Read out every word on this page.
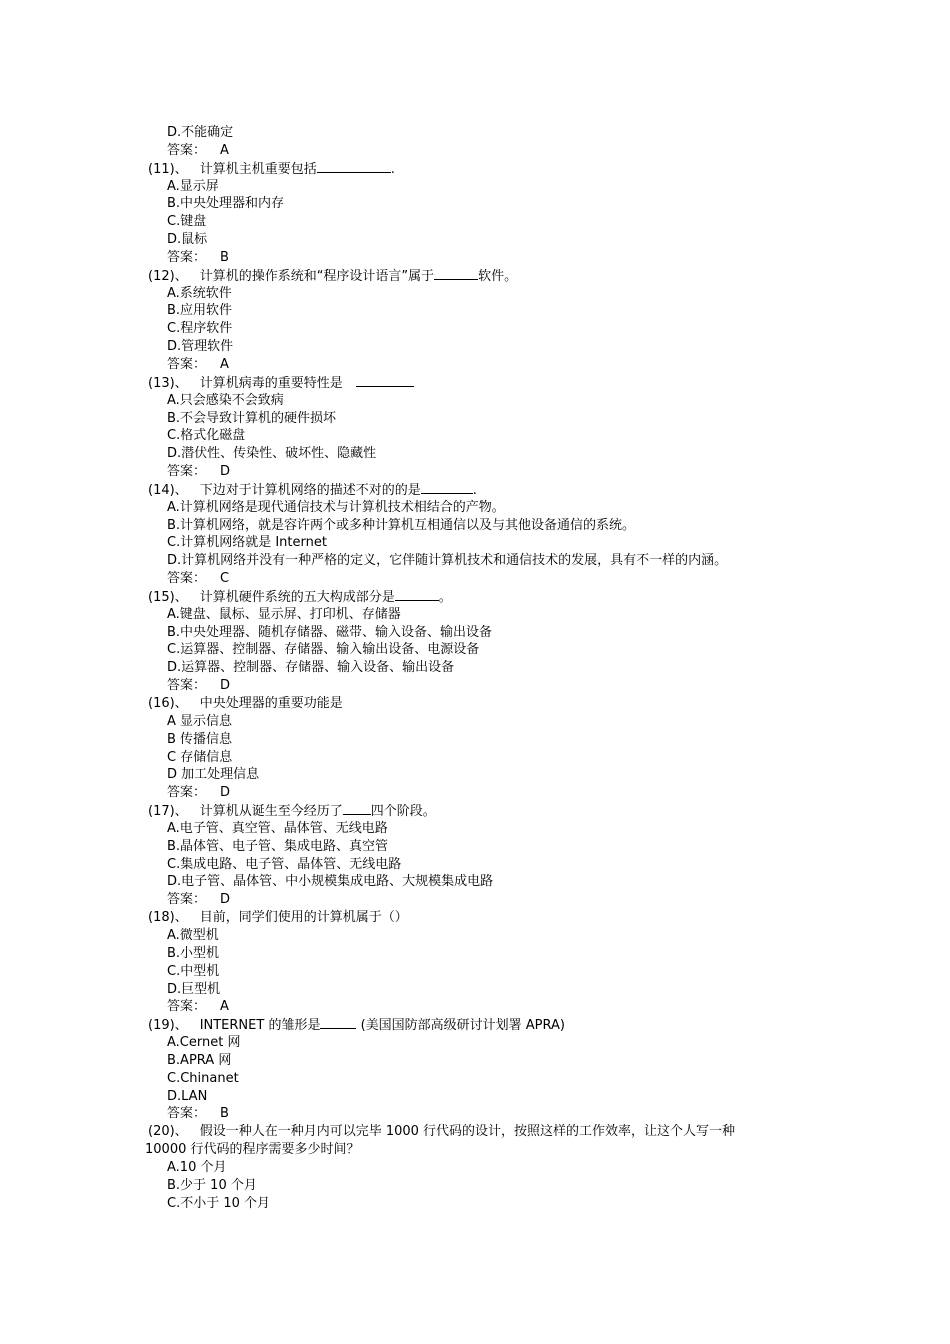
D.不能确定
答案： A
(11)、 计算机主机重要包括	.
A.显示屏
B.中央处理器和内存
C.键盘
D.鼠标
答案： B
(12)、 计算机的操作系统和“程序设计语言”属于	软件。
A.系统软件
B.应用软件
C.程序软件
D.管理软件
答案： A
(13)、 计算机病毒的重要特性是　
A.只会感染不会致病
B.不会导致计算机的硬件损坏
C.格式化磁盘
D.潜伏性、传染性、破坏性、隐藏性
答案： D
(14)、 下边对于计算机网络的描述不对的的是	.
A.计算机网络是现代通信技术与计算机技术相结合的产物。
B.计算机网络，就是容许两个或多种计算机互相通信以及与其他设备通信的系统。
C.计算机网络就是 Internet
D.计算机网络并没有一种严格的定义，它伴随计算机技术和通信技术的发展，具有不一样的内涵。
答案： C
(15)、 计算机硬件系统的五大构成部分是	。
A.键盘、鼠标、显示屏、打印机、存储器
B.中央处理器、随机存储器、磁带、输入设备、输出设备
C.运算器、控制器、存储器、输入输出设备、电源设备
D.运算器、控制器、存储器、输入设备、输出设备
答案： D
(16)、 中央处理器的重要功能是
A 显示信息
B 传播信息
C 存储信息
D 加工处理信息
答案： D
(17)、 计算机从诞生至今经历了 四个阶段。
A.电子管、真空管、晶体管、无线电路
B.晶体管、电子管、集成电路、真空管
C.集成电路、电子管、晶体管、无线电路
D.电子管、晶体管、中小规模集成电路、大规模集成电路
答案： D
(18)、 目前，同学们使用的计算机属于（）
A.微型机
B.小型机
C.中型机
D.巨型机
答案： A
(19)、 INTERNET 的雏形是	(美国国防部高级研讨计划署 APRA)
A.Cernet 网
B.APRA 网
C.Chinanet
D.LAN
答案： B
(20)、 假设一种人在一种月内可以完毕 1000 行代码的设计，按照这样的工作效率，让这个人写一种
10000 行代码的程序需要多少时间？
A.10 个月
B.少于 10 个月
C.不小于 10 个月
